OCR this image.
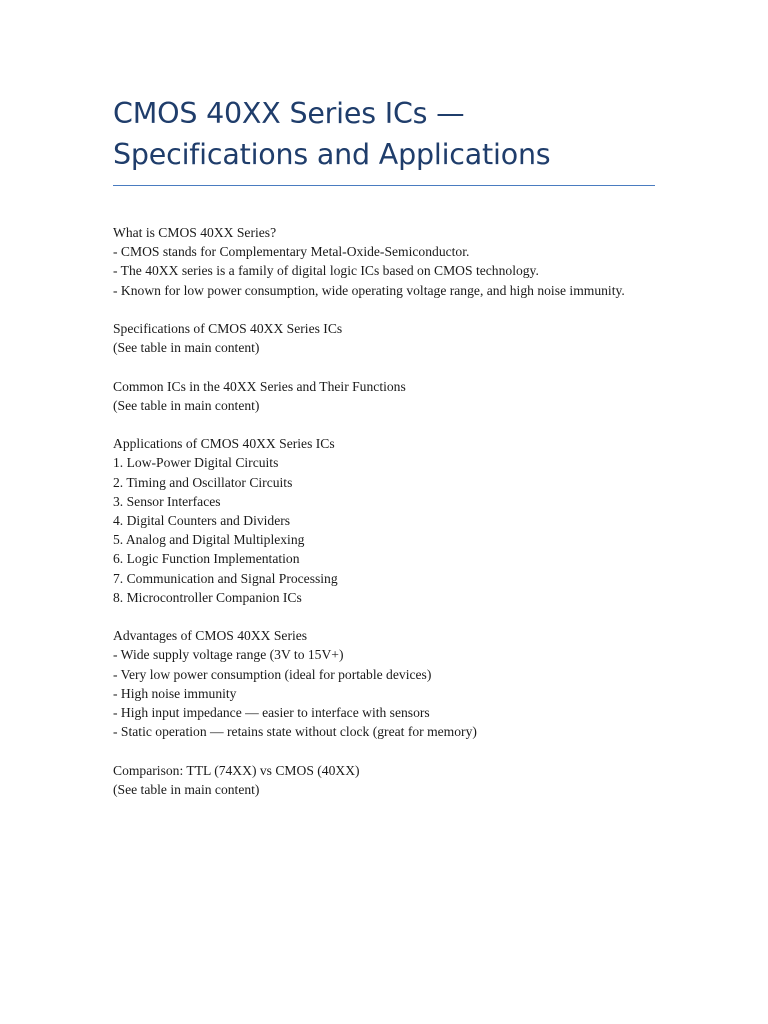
CMOS 40XX Series ICs — Specifications and Applications
What is CMOS 40XX Series?
- CMOS stands for Complementary Metal-Oxide-Semiconductor.
- The 40XX series is a family of digital logic ICs based on CMOS technology.
- Known for low power consumption, wide operating voltage range, and high noise immunity.
Specifications of CMOS 40XX Series ICs
(See table in main content)
Common ICs in the 40XX Series and Their Functions
(See table in main content)
Applications of CMOS 40XX Series ICs
1. Low-Power Digital Circuits
2. Timing and Oscillator Circuits
3. Sensor Interfaces
4. Digital Counters and Dividers
5. Analog and Digital Multiplexing
6. Logic Function Implementation
7. Communication and Signal Processing
8. Microcontroller Companion ICs
Advantages of CMOS 40XX Series
- Wide supply voltage range (3V to 15V+)
- Very low power consumption (ideal for portable devices)
- High noise immunity
- High input impedance — easier to interface with sensors
- Static operation — retains state without clock (great for memory)
Comparison: TTL (74XX) vs CMOS (40XX)
(See table in main content)
